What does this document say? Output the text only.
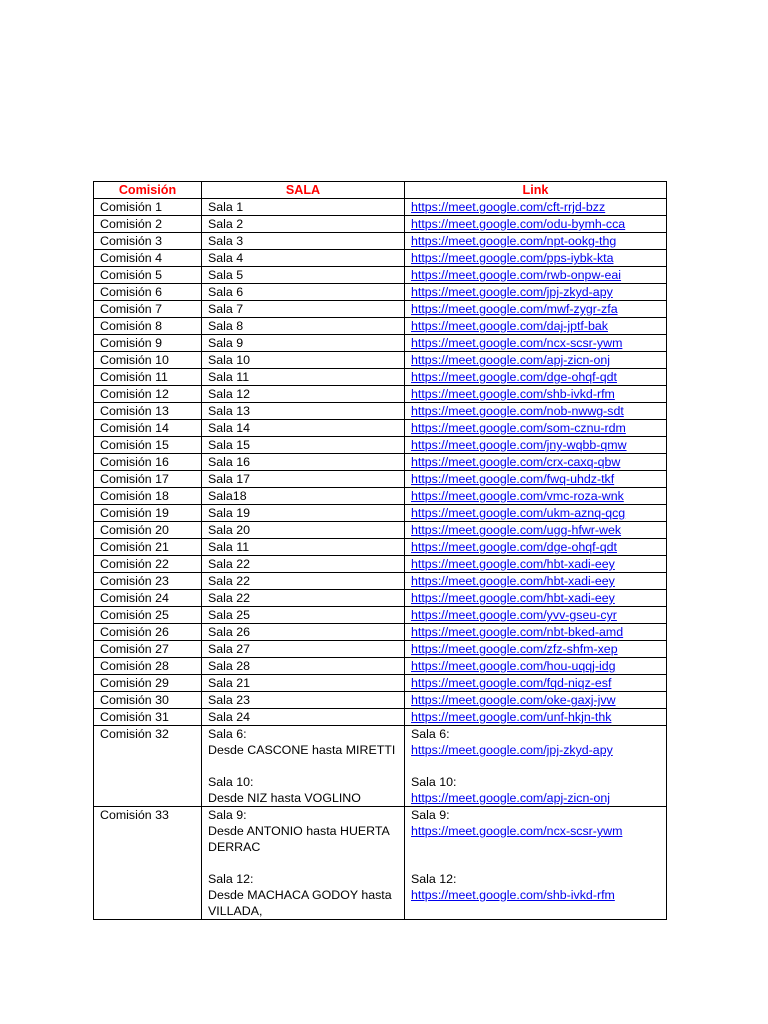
Comisión	SALA	Link
Comisión 1	Sala 1	https://meet.google.com/cft-rrjd-bzz
Comisión 2	Sala 2	https://meet.google.com/odu-bymh-cca
Comisión 3	Sala 3	https://meet.google.com/npt-ookg-thg
Comisión 4	Sala 4	https://meet.google.com/pps-iybk-kta
Comisión 5	Sala 5	https://meet.google.com/rwb-onpw-eai
Comisión 6	Sala 6	https://meet.google.com/jpj-zkyd-apy
Comisión 7	Sala 7	https://meet.google.com/mwf-zygr-zfa
Comisión 8	Sala 8	https://meet.google.com/daj-jptf-bak
Comisión 9	Sala 9	https://meet.google.com/ncx-scsr-ywm
Comisión 10	Sala 10	https://meet.google.com/apj-zicn-onj
Comisión 11	Sala 11	https://meet.google.com/dge-ohqf-qdt
Comisión 12	Sala 12	https://meet.google.com/shb-ivkd-rfm
Comisión 13	Sala 13	https://meet.google.com/nob-nwwg-sdt
Comisión 14	Sala 14	https://meet.google.com/som-cznu-rdm
Comisión 15	Sala 15	https://meet.google.com/jny-wqbb-qmw
Comisión 16	Sala 16	https://meet.google.com/crx-caxq-qbw
Comisión 17	Sala 17	https://meet.google.com/fwq-uhdz-tkf
Comisión 18	Sala18	https://meet.google.com/vmc-roza-wnk
Comisión 19	Sala 19	https://meet.google.com/ukm-aznq-qcg
Comisión 20	Sala 20	https://meet.google.com/ugg-hfwr-wek
Comisión 21	Sala 11	https://meet.google.com/dge-ohqf-qdt
Comisión 22	Sala 22	https://meet.google.com/hbt-xadi-eey
Comisión 23	Sala 22	https://meet.google.com/hbt-xadi-eey
Comisión 24	Sala 22	https://meet.google.com/hbt-xadi-eey
Comisión 25	Sala 25	https://meet.google.com/yvv-gseu-cyr
Comisión 26	Sala 26	https://meet.google.com/nbt-bked-amd
Comisión 27	Sala 27	https://meet.google.com/zfz-shfm-xep
Comisión 28	Sala 28	https://meet.google.com/hou-uqqj-idg
Comisión 29	Sala 21	https://meet.google.com/fqd-niqz-esf
Comisión 30	Sala 23	https://meet.google.com/oke-gaxj-jvw
Comisión 31	Sala 24	https://meet.google.com/unf-hkjn-thk
Comisión 32	Sala 6:
Desde CASCONE hasta MIRETTI
Sala 10:
Desde NIZ hasta VOGLINO	Sala 6:
https://meet.google.com/jpj-zkyd-apy
Sala 10:
https://meet.google.com/apj-zicn-onj

Comisión 33	Sala 9:
Desde ANTONIO hasta HUERTA DERRAC
Sala 12:
Desde MACHACA GODOY hasta VILLADA,	Sala 9:
https://meet.google.com/ncx-scsr-ywm
Sala 12:
https://meet.google.com/shb-ivkd-rfm
